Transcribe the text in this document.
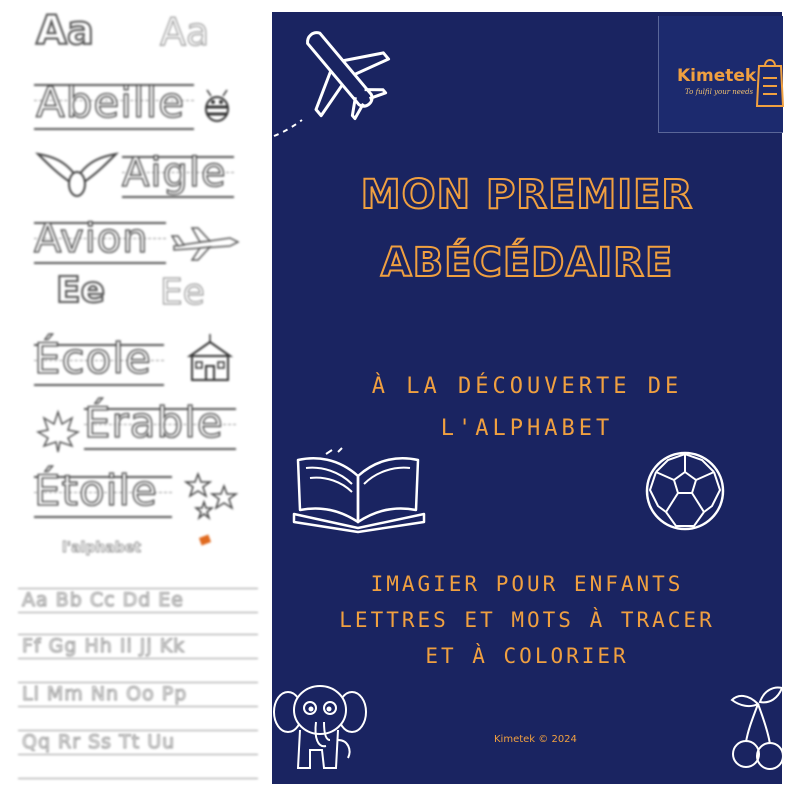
Aa Aa
Abeille
Aigle
Avion
Ee Ee
École
Érable
Étoile
l'alphabet
Aa Bb Cc Dd Ee
Ff Gg Hh Ii Jj Kk
Ll Mm Nn Oo Pp
Qq Rr Ss Tt Uu
Kimetek
To fulfil your needs
MON PREMIER
ABÉCÉDAIRE
À LA DÉCOUVERTE DE
L'ALPHABET
IMAGIER POUR ENFANTS
LETTRES ET MOTS À TRACER
ET À COLORIER
Kimetek © 2024
